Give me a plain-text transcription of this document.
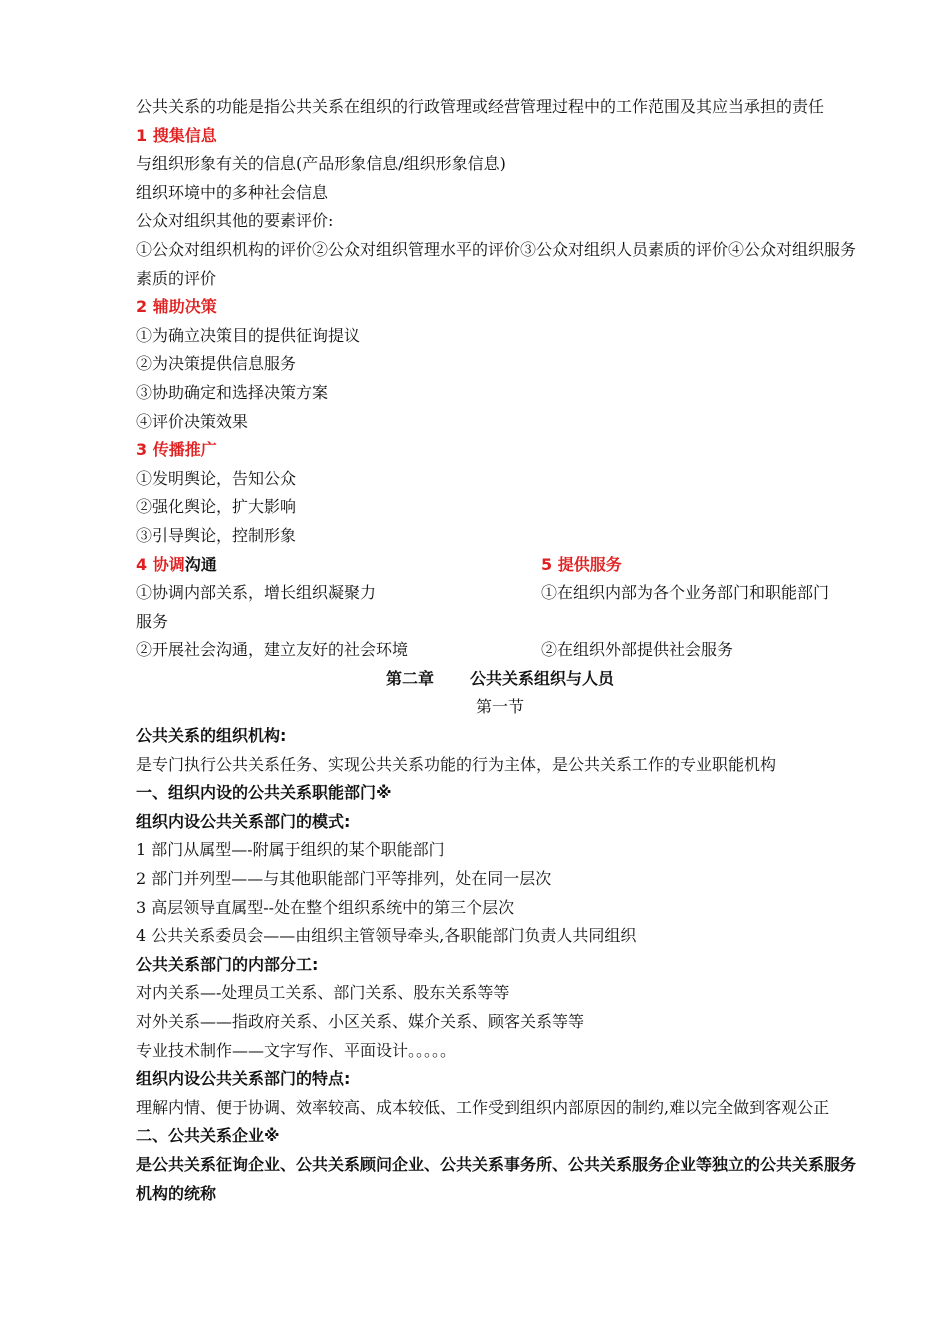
公共关系的功能是指公共关系在组织的行政管理或经营管理过程中的工作范围及其应当承担的责任
1 搜集信息
与组织形象有关的信息(产品形象信息/组织形象信息)
组织环境中的多种社会信息
公众对组织其他的要素评价:
①公众对组织机构的评价②公众对组织管理水平的评价③公众对组织人员素质的评价④公众对组织服务素质的评价
2 辅助决策
①为确立决策目的提供征询提议
②为决策提供信息服务
③协助确定和选择决策方案
④评价决策效果
3 传播推广
①发明舆论，告知公众
②强化舆论，扩大影响
③引导舆论，控制形象
4 协调沟通	5 提供服务
①协调内部关系，增长组织凝聚力	①在组织内部为各个业务部门和职能部门
服务
②开展社会沟通，建立友好的社会环境	②在组织外部提供社会服务
第二章 公共关系组织与人员
第一节
公共关系的组织机构:
是专门执行公共关系任务、实现公共关系功能的行为主体，是公共关系工作的专业职能机构
一、组织内设的公共关系职能部门※
组织内设公共关系部门的模式:
1 部门从属型—-附属于组织的某个职能部门
2 部门并列型——与其他职能部门平等排列，处在同一层次
3 高层领导直属型--处在整个组织系统中的第三个层次
4 公共关系委员会——由组织主管领导牵头,各职能部门负责人共同组织
公共关系部门的内部分工:
对内关系—-处理员工关系、部门关系、股东关系等等
对外关系——指政府关系、小区关系、媒介关系、顾客关系等等
专业技术制作——文字写作、平面设计。。。。。
组织内设公共关系部门的特点:
理解内情、便于协调、效率较高、成本较低、工作受到组织内部原因的制约,难以完全做到客观公正
二、公共关系企业※
是公共关系征询企业、公共关系顾问企业、公共关系事务所、公共关系服务企业等独立的公共关系服务机构的统称
